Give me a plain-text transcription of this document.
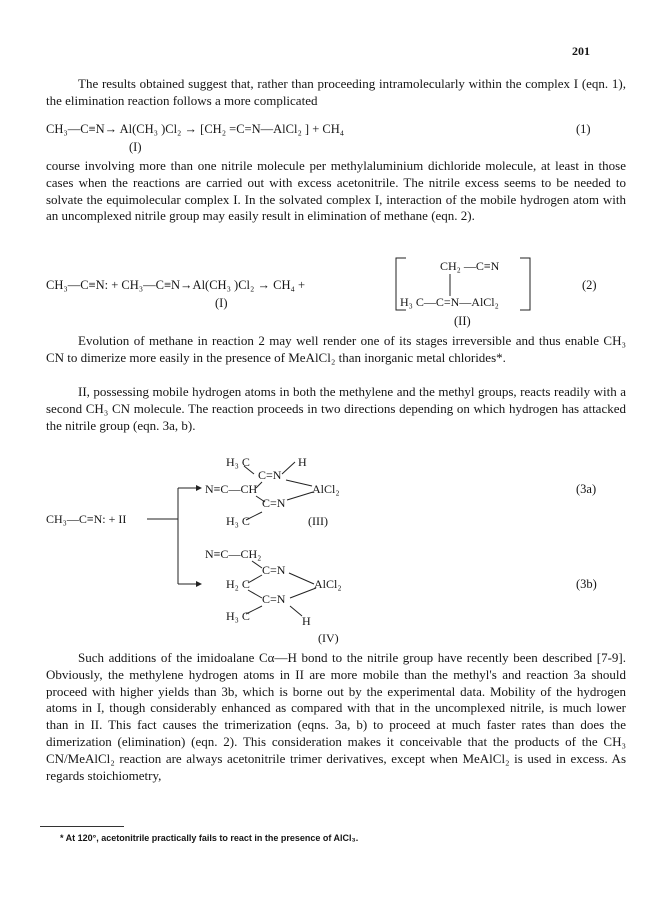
201
The results obtained suggest that, rather than proceeding intramolecularly within the complex I (eqn. 1), the elimination reaction follows a more complicated
CH₃—C≡N→ Al(CH₃ )Cl₂ → [CH₂ =C=N—AlCl₂ ] + CH₄
(I)
(1)
course involving more than one nitrile molecule per methylaluminium dichloride molecule, at least in those cases when the reactions are carried out with excess acetonitrile. The nitrile excess seems to be needed to solvate the equimolecular complex I. In the solvated complex I, interaction of the mobile hydrogen atom with an uncomplexed nitrile group may easily result in elimination of methane (eqn. 2).
CH₃—C≡N: + CH₃—C≡N→Al(CH₃ )Cl₂ → CH₄ +
(I)
CH₂ —C≡N
H₃ C—C=N—AlCl₂
(II)
(2)
Evolution of methane in reaction 2 may well render one of its stages irreversible and thus enable CH₃ CN to dimerize more easily in the presence of MeAlCl₂ than inorganic metal chlorides*.
II, possessing mobile hydrogen atoms in both the methylene and the methyl groups, reacts readily with a second CH₃ CN molecule. The reaction proceeds in two directions depending on which hydrogen has attacked the nitrile group (eqn. 3a, b).
CH₃—C≡N: + II
H₃ C	H
C=N
N≡C—CH	AlCl₂
C=N
H₃ C	(III)
(3a)
N≡C—CH₂
C=N
H₂ C	AlCl₂
C=N
H₃ C	H
(IV)
(3b)
Such additions of the imidoalane Cα—H bond to the nitrile group have recently been described [7-9]. Obviously, the methylene hydrogen atoms in II are more mobile than the methyl's and reaction 3a should proceed with higher yields than 3b, which is borne out by the experimental data. Mobility of the hydrogen atoms in I, though considerably enhanced as compared with that in the uncomplexed nitrile, is much lower than in II. This fact causes the trimerization (eqns. 3a, b) to proceed at much faster rates than does the dimerization (elimination) (eqn. 2). This consideration makes it conceivable that the products of the CH₃ CN/MeAlCl₂ reaction are always acetonitrile trimer derivatives, except when MeAlCl₂ is used in excess. As regards stoichiometry,
* At 120°, acetonitrile practically fails to react in the presence of AlCl₃.
